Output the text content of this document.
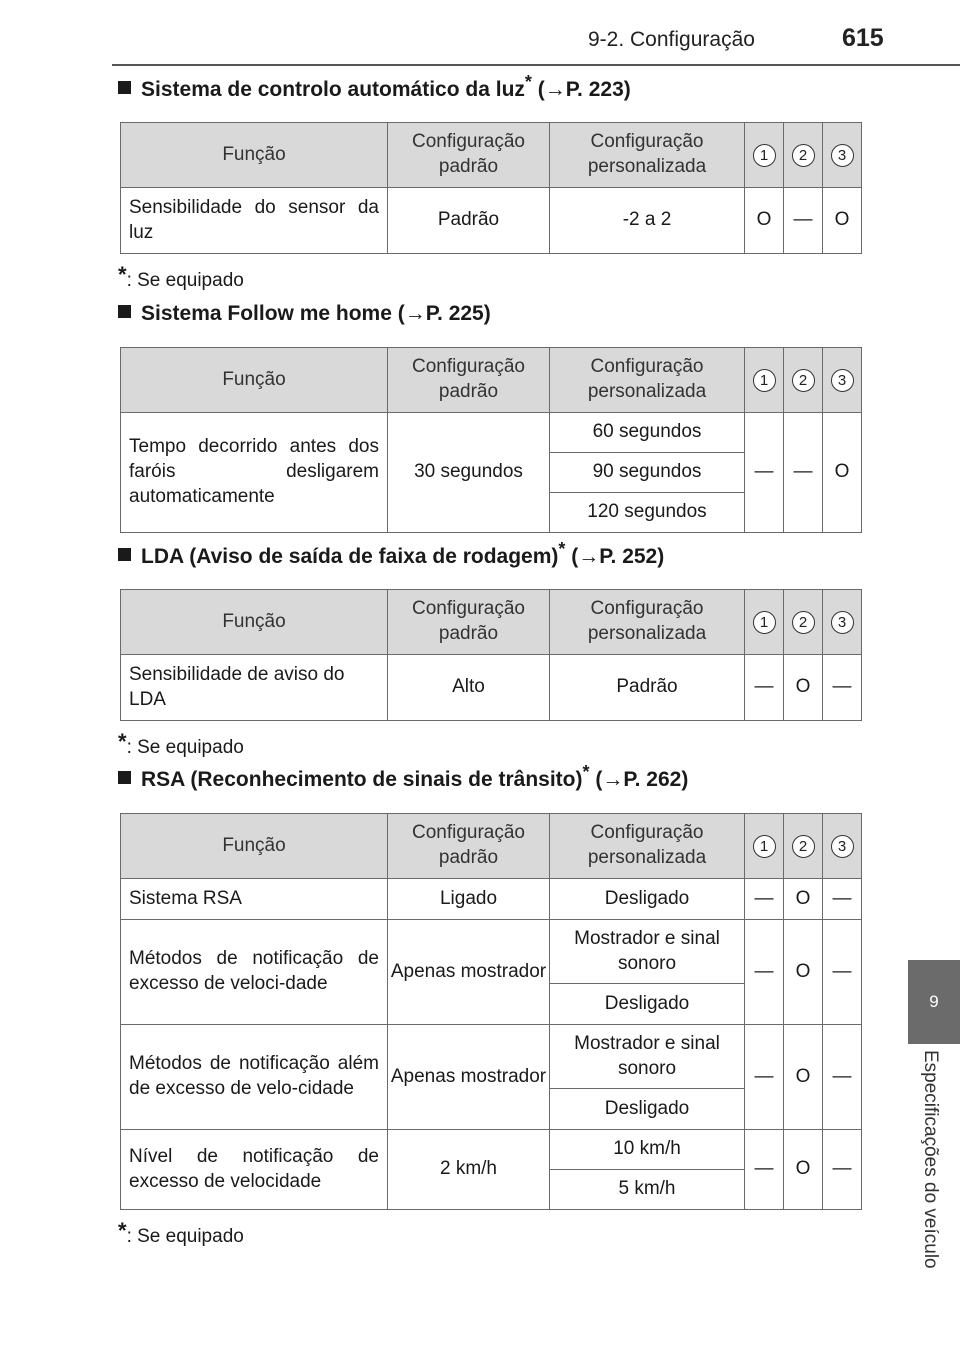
9-2. Configuração	615
9
Especificações do veículo
Sistema de controlo automático da luz* (→P. 223)
Função	Configuração padrão	Configuração personalizada	1	2	3
Sensibilidade do sensor da luz	Padrão	-2 a 2	O	—	O
*: Se equipado
Sistema Follow me home (→P. 225)
Função	Configuração padrão	Configuração personalizada	1	2	3
Tempo decorrido antes dos faróis desligarem automaticamente	30 segundos	60 segundos	—	—	O
		90 segundos			
		120 segundos			
LDA (Aviso de saída de faixa de rodagem)* (→P. 252)
Função	Configuração padrão	Configuração personalizada	1	2	3
Sensibilidade de aviso do LDA	Alto	Padrão	—	O	—
*: Se equipado
RSA (Reconhecimento de sinais de trânsito)* (→P. 262)
Função	Configuração padrão	Configuração personalizada	1	2	3
Sistema RSA	Ligado	Desligado	—	O	—
Métodos de notificação de excesso de veloci-dade	Apenas mostrador	Mostrador e sinal sonoro	—	O	—
		Desligado			
Métodos de notificação além de excesso de velo-cidade	Apenas mostrador	Mostrador e sinal sonoro	—	O	—
		Desligado			
Nível de notificação de excesso de velocidade	2 km/h	10 km/h	—	O	—
		5 km/h			
*: Se equipado
